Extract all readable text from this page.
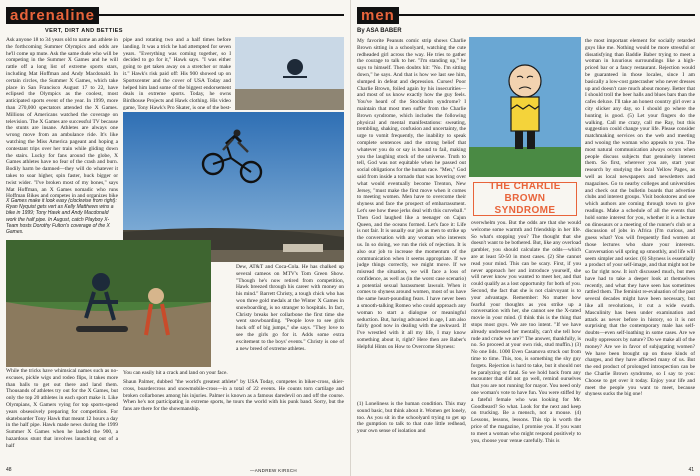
adrenaline
VERT, DIRT AND BETTIES
Ask anyone 18 to 34 years old to name an athlete in the forthcoming Summer Olympics and odds are he'll come up mute. Ask the same dude who will be competing in the Summer X Games and he will rattle off a long list of extreme sports stars, including Mat Hoffman and Andy Macdonald. In certain circles, the Summer X Games, which take place in San Francisco August 17 to 22, have eclipsed the Olympics as the coolest, most anticipated sports event of the year. In 1999, more than 270,000 spectators attended the X Games. Millions of Americans watched the coverage on television. The X Games are successful TV because the stunts are insane. Athletes are always one wrong move from an ambulance ride. It's like watching the Miss America pageant and hoping a contestant trips over her train while gliding down the stairs. Lucky for fans around the globe, X Games athletes have no fear of the crash and burn. Bodily harm be damned—they will do whatever it takes to soar higher, spin faster, huck bigger or twist wider. "I've broken most of my bones," says Mat Hoffman, an X Games nomadic who runs Hoffman Bikes and competes in and organizes bike
X Games make it look easy (clockwise from right): Ryan Nyquist gets vert as Kelly Matthews wins a bike in 1999; Tony Hawk and Andy Macdonald work the half pipe. In August, catch Playboy X-Team hosts Dorothy Fulton's coverage of the X Games.
pipe and rotating two and a half times before landing. It was a trick he had attempted for seven years. "Everything was coming together, so I decided to go for it," Hawk says. "I was either going to get taken away on a stretcher or make it." Hawk's risk paid off: His 900 showed up on Sportscenter and the cover of USA Today and helped him land some of the biggest endorsement deals in extreme sports. Today, he owns Birdhouse Projects and Hawk clothing. His video game, Tony Hawk's Pro Skater, is one of the best-
While the tricks have whimsical names such as no-excuses, pickle wigs and rodeo flips, it takes more than balls to get out there and land them. Thousands of athletes try out for the X Games, but only the top 20 athletes in each sport make it. Like Olympians, X Gamers vying for top sports-spend years obsessively preparing for competition. For skateboarder Tony Hawk that meant 12 hours a day in the half pipe. Hawk made news during the 1999 Summer X Games when he landed the 900, a hazardous stunt that involves launching out of a half
Dew, AT&T and Coca-Cola. He has chalked up several cameos on MTV's Tom Green Show. "Though he's now retired from competition, Hawk breezed through his career with money on his mind." Barrett Christy, a tough chick who has won three gold medals at the Winter X Games in snowboarding, is no stranger to hospitals. In fact, Christy breaks her collarbone the first time she went snowboarding. "People love to see girls huck off of big jumps," she says. "They love to see the girls go for it. Adds some extra excitement to the boys' events." Christy is one of a new breed of extreme athletes.
You can easily hit a crack and land on your face.
Shaun Palmer, dubbed "the world's greatest athlete" by USA Today, competes in biker-cross, skier-cross, boardercross and snowmobile-cross—in a total of 22 events. He counts torn cartilage and broken collarbones among his injuries. Palmer is known as a famous daredevil on and off the course. When he's not participating in extreme sports, he tours the world with his punk band. Sorry, but the fans are there for the showmanship.
—ANDREW KIRSCH
48
men
By ASA BABER
My favorite Peanuts comic strip shows Charlie Brown sitting in a schoolyard, watching the cute redheaded girl across the way. He tries to gather the courage to talk to her. "I'm standing up," he says to himself. Then doubts hit: "No. I'm sitting down," he says. And that is how we last see him, slumped in defeat and depression. Curses! Poor Charlie Brown, foiled again by his insecurities—and most of us know exactly how the guy feels. You've heard of the Stockholm syndrome? I maintain that most men suffer from the Charlie Brown syndrome, which includes the following physical and mental manifestations: sweating, trembling, shaking, confusion and uncertainty, the urge to vomit frequently, the inability to speak complete sentences and the strong belief that whatever you do or say is bound to fail, making you the laughing stock of the universe. Truth to tell, God was not equitable when he passed out social obligations for the human race. "Men," God said from inside a tornado that was hovering over what would eventually become Trenton, New Jersey, "must make the first move when it comes to meeting women. Men have to overcome their shyness and face the prospect of embarrassment. Let's see how these jerks deal with this curveball." Then God laughed like a teenager on Cajun Queen, and the oceans formed. Let's face it: Life is not fair. It is usually our job as men to strike up the conversation with any woman who interests us. In so doing, we run the risk of rejection. It is also our job to increase the momentum of the communication when it seems appropriate. If we judge things correctly, we might move. If we misread the situation, we will face a loss of confidence, as well as (in the worst case scenario) a potential sexual harassment lawsuit. When it comes to shyness around women, most of us have the same heart-pounding fears. I have never been a smooth-talking Romeo who could approach any woman to start a dialogue or meaningful seduction. But, having advanced in age, I am also fairly good now in dealing with the awkward. If I've wrestled with it all my life, I may know something about it, right? Here then are Baber's Helpful Hints on How to Overcome Shyness:
(1) Loneliness is the human condition. This may sound basic, but think about it. Women get lonely, too. As you sit in the schoolyard trying to get up the gumption to talk to that cute little redhead, your own sense of isolation and
THE CHARLIE BROWN SYNDROME
overwhelm you. But the odds are that she would welcome some warmth and friendship in her life. So what's stopping you? The thought that she doesn't want to be bothered. But, like any overload gambler, you should calculate the odds—which are at least 50-50 in most cases. (2) She cannot read your mind. This can be scary. First, if you never approach her and introduce yourself, she will never know you wanted to meet her, and that could qualify as a lost opportunity for both of you. Second, the fact that she is not clairvoyant is to your advantage. Remember: No matter how fearful your thoughts as you strike up a conversation with her, she cannot see the X-rated movie in your mind. (I think this is the thing that stops most guys. We are too intent. "If we have already undressed her mentally, can't she tell how rude and crude we are?" The answer, thankfully, is no. So proceed at your own risk, stud muffin.) (3) No one lids. 1000 Even Casanova struck out from time to time. This, too, is something the shy guy forgets. Rejection is hard to take, but it should not be paralyzing or fatal. So we hold back from any encounter that did not go well, remind ourselves that you are not running for mayor. You need only one woman's vote to have fun. You were stiffed by a fateful female who was looking for Mr. Goodbeard? So what. Look for the next and keep on trucking. Be a mensch, not a mouse. (4) Lessons, lessons, lessons. This tip is worth the price of the magazine, I promise you. If you want to meet a woman who might respond positively to you, choose your venue carefully. This is
the most important element for socially retarded guys like me. Nothing would be more stressful or dissatisfying than Baddie Baber trying to meet a woman in luxurious surroundings like a high-priced bar or a fancy restaurant. Rejection would be guaranteed in those locales, since I am basically a low-cost gatecrasher who never dresses up and doesn't care much about money. Better that I should troll the beer halls and blues bars than the cafes deluxe. I'll take an honest country girl over a city slicker any day, so I should go where the hunting is good. (5) Let your fingers do the walking. Call me crazy, call me Ray, but this suggestion could change your life. Please consider matchmaking services on the web and meeting and wooing the woman who appeals to you. The most natural communication always occurs when people discuss subjects that genuinely interest them. So first, wherever you are, start your research by studying the local Yellow Pages, as well as local newspapers and newsletters and magazines. Go to nearby colleges and universities and check out the bulletin boards that advertise clubs and interest groups. Visit bookstores and see which authors are coming through town to give readings. Make a schedule of all the events that hold some interest for you, whether it is a lecture on dinosaurs or a meeting of the runner's club or a discussion of jobs in Africa (I'm curious, and guess what? You will frequently find women at those lectures who share your interests. Conversation will spring up smoothly, and life will seem simpler and sexier. (6) Shyness is essentially a product of your self-image, and that might not be so far right now. It isn't discussed much, but men have had to take a deeper look at themselves recently, and what they have seen has sometimes rattled them. The feminist re-evaluation of the past several decades might have been necessary, but like all revolutions, it cut a wide swath. Masculinity has been under examination and attack as never before in history, so it is not surprising that the contemporary male has self-doubts—even self-loathing in some cases. Are we really oppressors by nature? Do we make all of the money? Are we in favor of subjugating women? We have been brought up on those kinds of charges, and they have affected many of us. But the end product of prolonged introspection can be the Charlie Brown syndrome, so I say to you: Choose to get over it today. Enjoy your life and meet the people you want to meet, because shyness sucks the big one!
41
